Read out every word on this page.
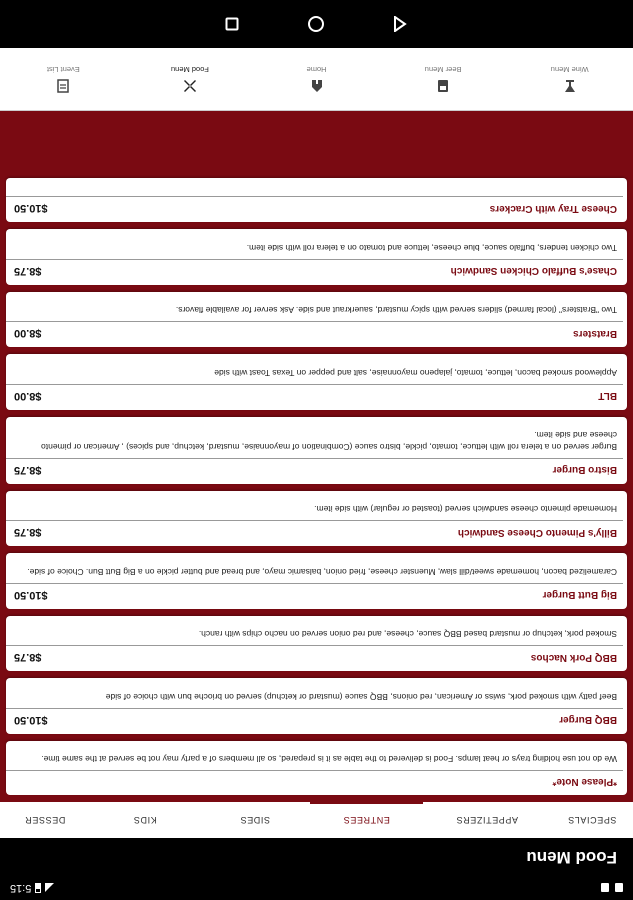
5:15
Food Menu
SPECIALS
APPETIZERS
ENTREES
SIDES
KIDS
DESSER
*Please Note*
We do not use holding trays or heat lamps. Food is delivered to the table as it is prepared, so all members of a party may not be served at the same time.
BBQ Burger
$10.50
Beef patty with smoked pork, swiss or American, red onions, BBQ sauce (mustard or ketchup) served on brioche bun with choice of side
BBQ Pork Nachos
$8.75
Smoked pork, ketchup or mustard based BBQ sauce, cheese, and red onion served on nacho chips with ranch.
Big Butt Burger
$10.50
Caramelized bacon, homemade sweet/dill slaw, Muenster cheese, fried onion, balsamic mayo, and bread and butter pickle on a Big Butt Bun. Choice of side.
Billy's Pimento Cheese Sandwich
$8.75
Homemade pimento cheese sandwich served (toasted or regular) with side item.
Bistro Burger
$8.75
Burger served on a telera roll with lettuce, tomato, pickle, bistro sauce (Combination of mayonnaise, mustard, ketchup, and spices) , American or pimento cheese and side item.
BLT
$8.00
Applewood smoked bacon, lettuce, tomato, jalapeno mayonnaise, salt and pepper on Texas Toast with side
Bratsters
$8.00
Two "Bratsters" (local farmed) sliders served with spicy mustard, sauerkraut and side. Ask server for available flavors.
Chase's Buffalo Chicken Sandwich
$8.75
Two chicken tenders, buffalo sauce, blue cheese, lettuce and tomato on a telera roll with side item.
Cheese Tray with Crackers
$10.50
Wine Menu
Beer Menu
Home
Food Menu
Event List
